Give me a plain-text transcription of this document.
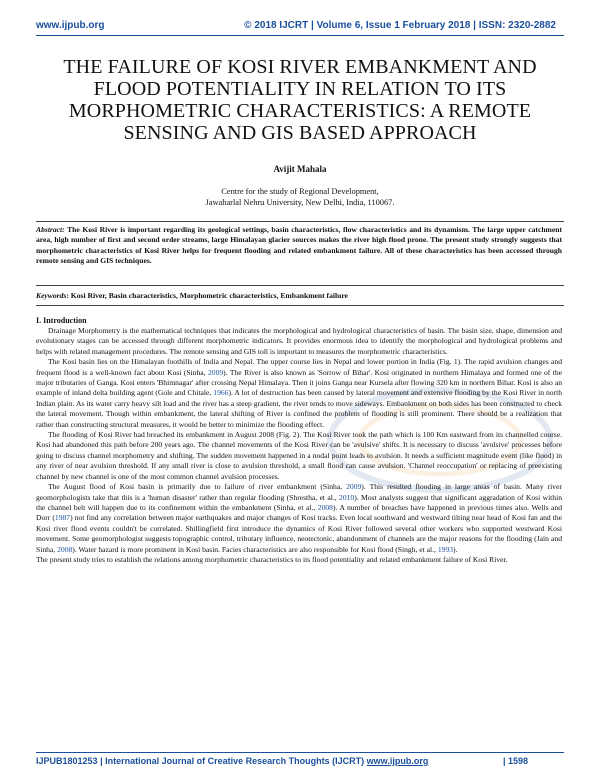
www.ijpub.org	© 2018 IJCRT | Volume 6, Issue 1 February 2018 | ISSN: 2320-2882
THE FAILURE OF KOSI RIVER EMBANKMENT AND FLOOD POTENTIALITY IN RELATION TO ITS MORPHOMETRIC CHARACTERISTICS: A REMOTE SENSING AND GIS BASED APPROACH
Avijit Mahala
Centre for the study of Regional Development,
Jawaharlal Nehru University, New Delhi, India, 110067.
Abstract: The Kosi River is important regarding its geological settings, basin characteristics, flow characteristics and its dynamism. The large upper catchment area, high number of first and second order streams, large Himalayan glacier sources makes the river high flood prone. The present study strongly suggests that morphometric characteristics of Kosi River helps for frequent flooding and related embankment failure. All of these characteristics has been accessed through remote sensing and GIS techniques.
Keywords: Kosi River, Basin characteristics, Morphometric characteristics, Embankment failure
I. Introduction

Drainage Morphometry is the mathematical techniques that indicates the morphological and hydrological characteristics of basin. The basin size, shape, dimension and evolutionary stages can be accessed through different morphometric indicators. It provides enormous idea to identify the morphological and hydrological problems and helps with related management procedures. The remote sensing and GIS toll is important to measures the morphometric characteristics.

The Kosi basin lies on the Himalayan foothills of India and Nepal. The upper course lies in Nepal and lower portion in India (Fig. 1). The rapid avulsion changes and frequent flood is a well-known fact about Kosi (Sinha, 2009). The River is also known as 'Sorrow of Bihar'. Kosi originated in northern Himalaya and formed one of the major tributaries of Ganga. Kosi enters 'Bhimnagar' after crossing Nepal Himalaya. Then it joins Ganga near Kursela after flowing 320 km in northern Bihar. Kosi is also an example of inland delta building agent (Gole and Chitale, 1966). A lot of destruction has been caused by lateral movement and extensive flooding by the Kosi River in north Indian plain. As its water carry heavy silt load and the river has a steep gradient, the river tends to move sideways. Embankment on both sides has been constructed to check the lateral movement. Though within embankment, the lateral shifting of River is confined the problem of flooding is still prominent. There should be a realization that rather than constructing structural measures, it would be better to minimize the flooding effect.

The flooding of Kosi River had breached its embankment in August 2008 (Fig. 2). The Kosi River took the path which is 100 Km eastward from its channelled course. Kosi had abandoned this path before 200 years ago. The channel movements of the Kosi River can be 'avulsive' shifts. It is necessary to discuss 'avulsive' processes before going to discuss channel morphometry and shifting. The sudden movement happened in a nodal point leads to avulsion. It needs a sufficient magnitude event (like flood) in any river of near avulsion threshold. If any small river is close to avulsion threshold, a small flood can cause avulsion. 'Channel reoccupation' or replacing of preexisting channel by new channel is one of the most common channel avulsion processes.

The August flood of Kosi basin is primarily due to failure of river embankment (Sinha, 2009). This resulted flooding in large areas of basin. Many river geomorphologists take that this is a 'human disaster' rather than regular flooding (Shrestha, et al., 2010). Most analysts suggest that significant aggradation of Kosi within the channel belt will happen due to its confinement within the embankment (Sinha, et al., 2008). A number of breaches have happened in previous times also. Wells and Dorr (1987) not find any correlation between major earthquakes and major changes of Kosi tracks. Even local southward and westward tilting near head of Kosi fan and the Kosi river flood events couldn't be correlated. Shillingfield first introduce the dynamics of Kosi River followed several other workers who supported westward Kosi movement. Some geomorphologist suggests topographic control, tributary influence, neotectonic, abandonment of channels are the major reasons for the flooding (Jain and Sinha, 2008). Water hazard is more prominent in Kosi basin. Facies characteristics are also responsible for Kosi flood (Singh, et al., 1993).

The present study tries to establish the relations among morphometric characteristics to its flood potentiality and related embankment failure of Kosi River.

IJPUB1801253 | International Journal of Creative Research Thoughts (IJCRT) www.ijpub.org	| 1598
